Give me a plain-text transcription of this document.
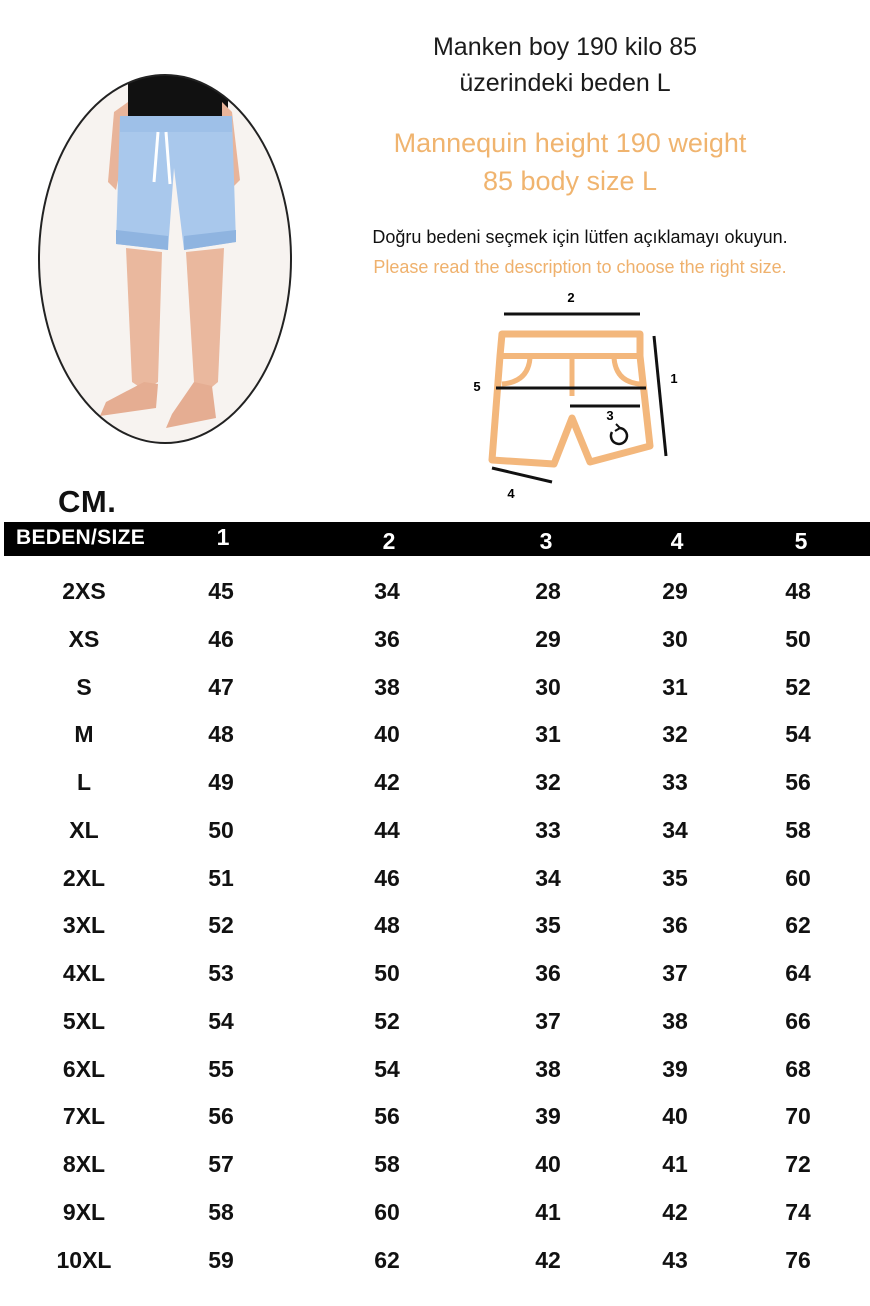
Manken boy 190 kilo 85
üzerindeki beden L
Mannequin height 190 weight
85 body size L
Doğru bedeni seçmek için lütfen açıklamayı okuyun.
Please read the description to choose the right size.
2
1
5
3
4
CM.
BEDEN/SIZE	1	2	3	4	5
2XS	45	34	28	29	48
XS	46	36	29	30	50
S	47	38	30	31	52
M	48	40	31	32	54
L	49	42	32	33	56
XL	50	44	33	34	58
2XL	51	46	34	35	60
3XL	52	48	35	36	62
4XL	53	50	36	37	64
5XL	54	52	37	38	66
6XL	55	54	38	39	68
7XL	56	56	39	40	70
8XL	57	58	40	41	72
9XL	58	60	41	42	74
10XL	59	62	42	43	76
